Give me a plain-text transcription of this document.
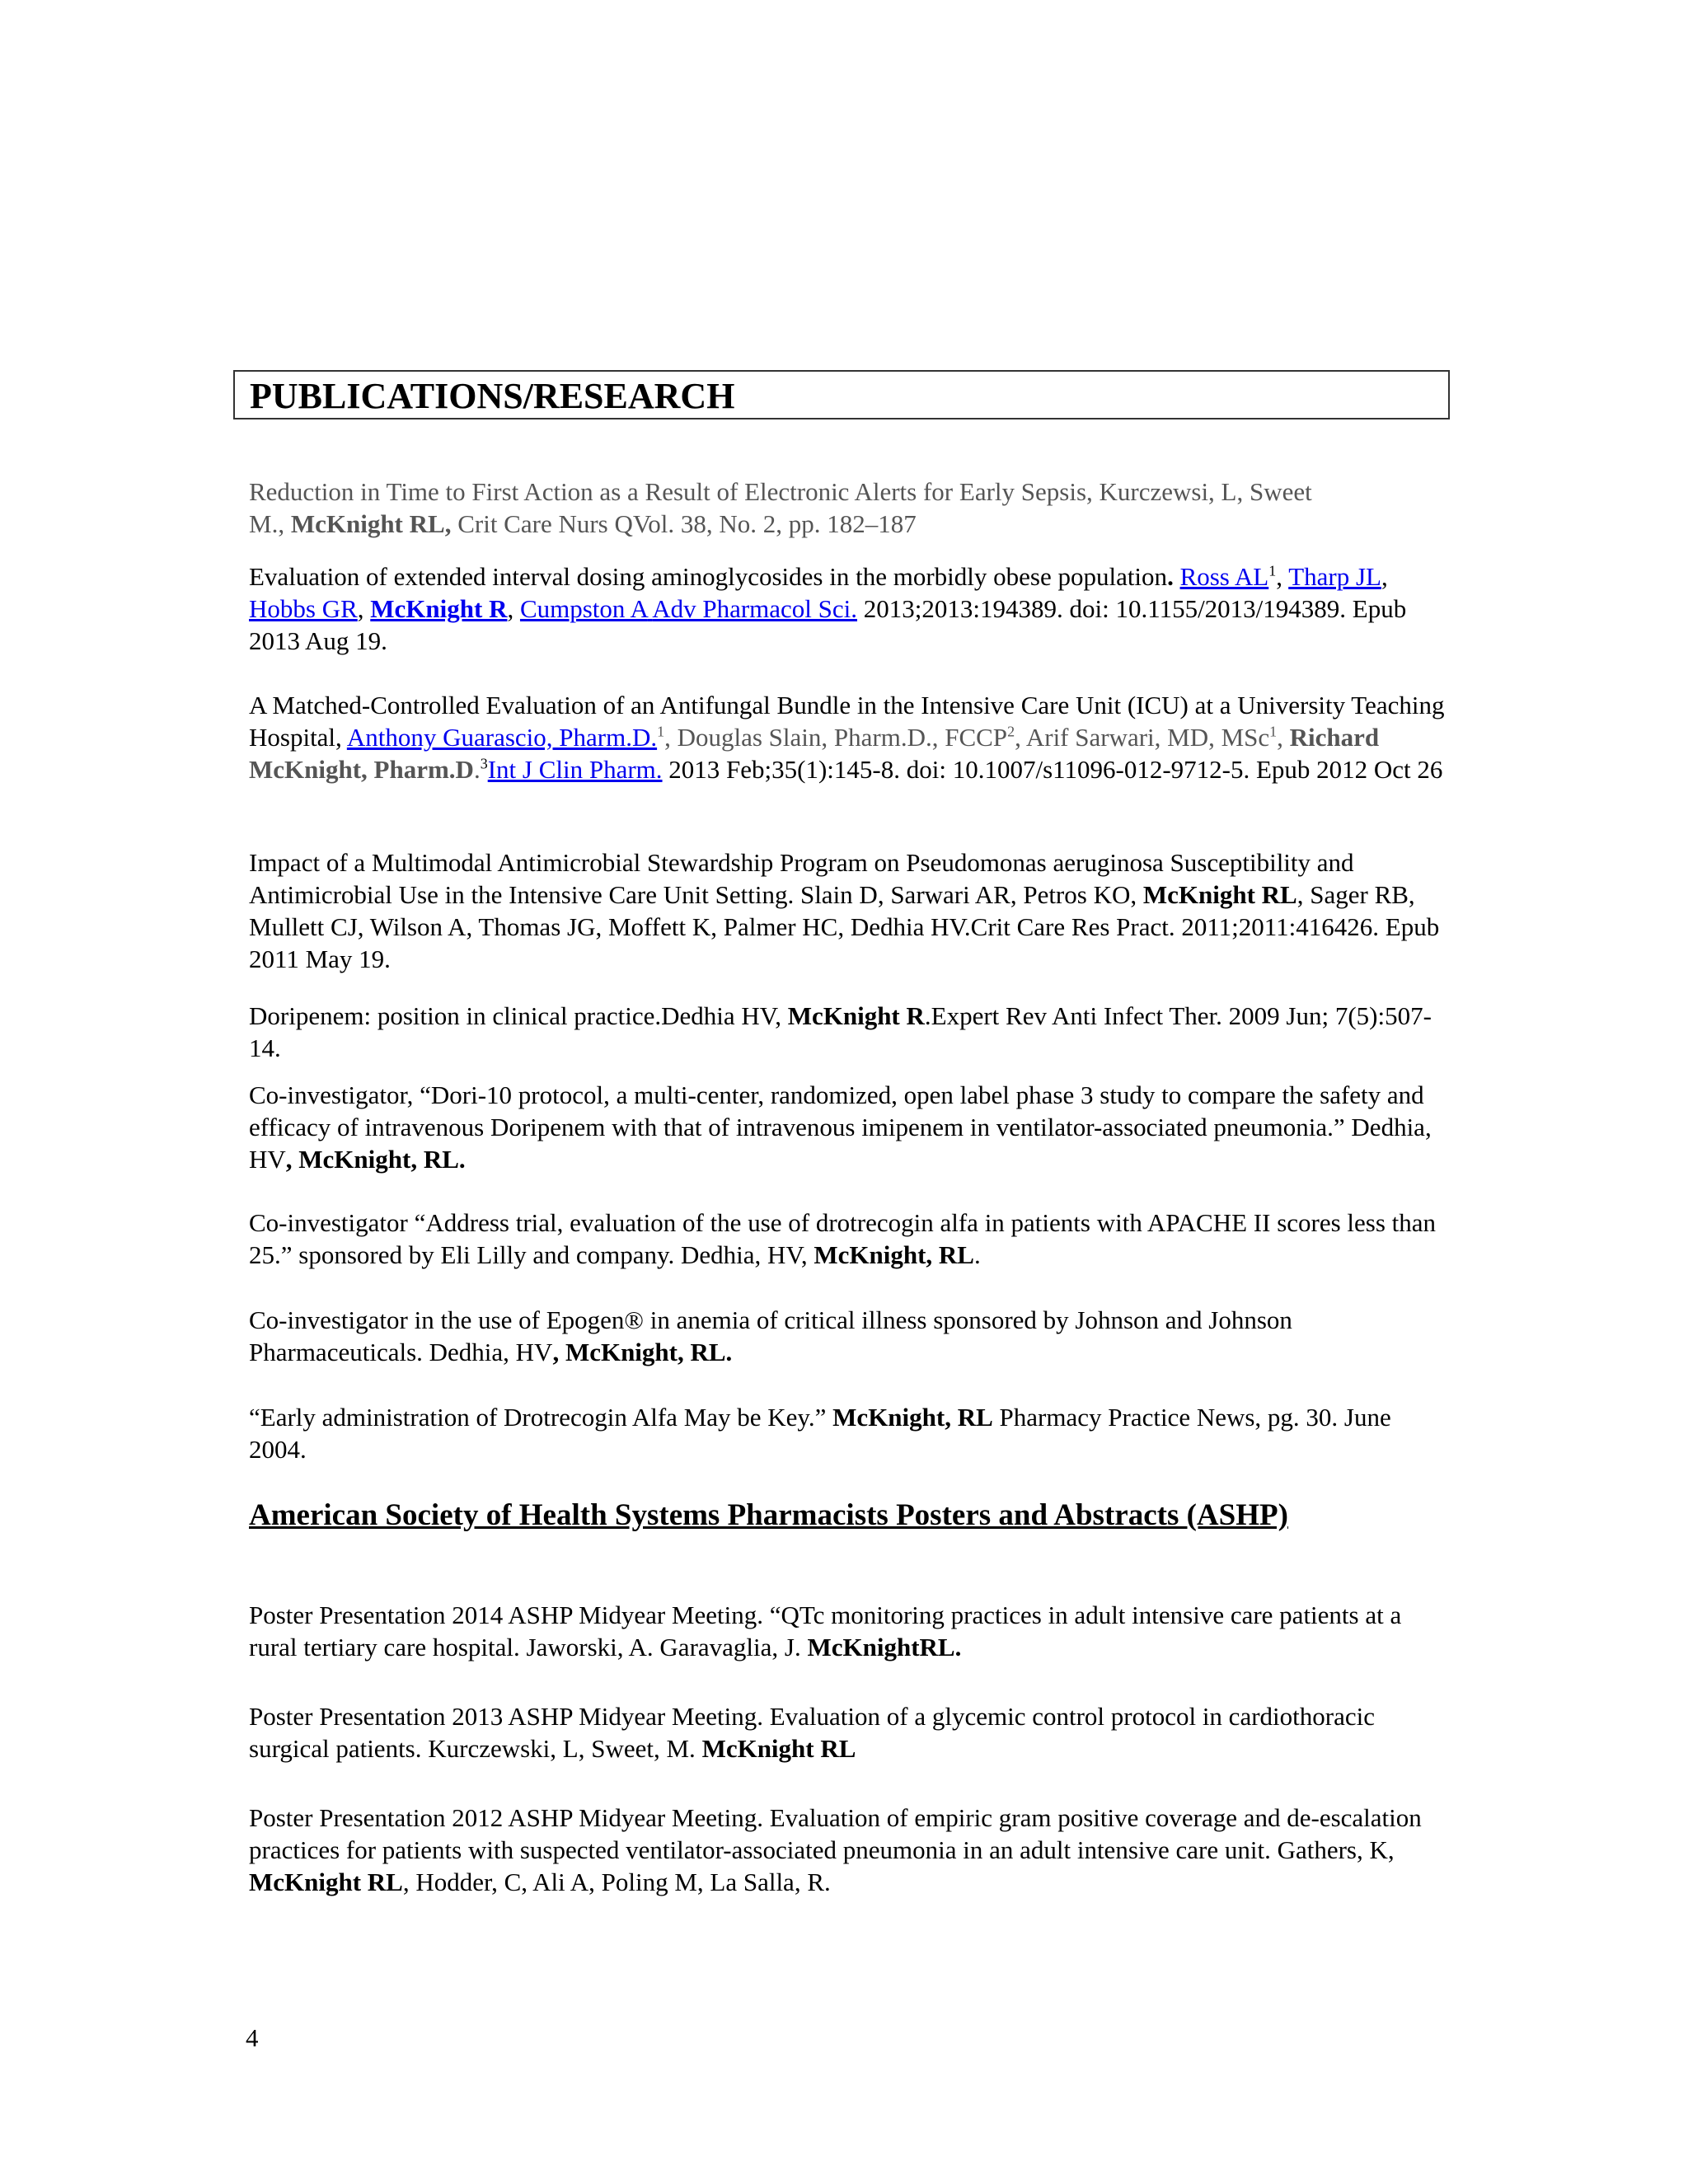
PUBLICATIONS/RESEARCH

Reduction in Time to First Action as a Result of Electronic Alerts for Early Sepsis, Kurczewsi, L, Sweet

M., McKnight RL, Crit Care Nurs QVol. 38, No. 2, pp. 182–187

Evaluation of extended interval dosing aminoglycosides in the morbidly obese population. Ross $AL^1$, Tharp JL, Hobbs GR, McKnight R, Cumpston A Adv Pharmacol Sci. 2013;2013:194389. doi: 10.1155/2013/194389. Epub 2013 Aug 19.

A Matched-Controlled Evaluation of an Antifungal Bundle in the Intensive Care Unit (ICU) at a University Teaching Hospital, Anthony Guarascio, Pharm.D.$^1$, Douglas Slain, Pharm.D., FCCP$^2$, Arif Sarwari, MD, MSc$^1$, Richard McKnight, Pharm.D.$^3$Int J Clin Pharm. 2013 Feb;35(1):145-8. doi: 10.1007/s11096-012-9712-5. Epub 2012 Oct 26

Impact of a Multimodal Antimicrobial Stewardship Program on Pseudomonas aeruginosa Susceptibility and Antimicrobial Use in the Intensive Care Unit Setting. Slain D, Sarwari AR, Petros KO, McKnight RL, Sager RB, Mullett CJ, Wilson A, Thomas JG, Moffett K, Palmer HC, Dedhia HV.Crit Care Res Pract. 2011;2011:416426. Epub 2011 May 19.

Doripenem: position in clinical practice.Dedhia HV, McKnight R.Expert Rev Anti Infect Ther. 2009 Jun; 7(5):507-14.

Co-investigator, “Dori-10 protocol, a multi-center, randomized, open label phase 3 study to compare the safety and efficacy of intravenous Doripenem with that of intravenous imipenem in ventilator-associated pneumonia.” Dedhia, HV, McKnight, RL.

Co-investigator “Address trial, evaluation of the use of drotrecogin alfa in patients with APACHE II scores less than 25.” sponsored by Eli Lilly and company. Dedhia, HV, McKnight, RL.

Co-investigator in the use of Epogen® in anemia of critical illness sponsored by Johnson and Johnson Pharmaceuticals. Dedhia, HV, McKnight, RL.

“Early administration of Drotrecogin Alfa May be Key.” McKnight, RL Pharmacy Practice News, pg. 30. June 2004.

American Society of Health Systems Pharmacists Posters and Abstracts (ASHP)

Poster Presentation 2014 ASHP Midyear Meeting. “QTc monitoring practices in adult intensive care patients at a rural tertiary care hospital. Jaworski, A. Garavaglia, J. McKnightRL.

Poster Presentation 2013 ASHP Midyear Meeting. Evaluation of a glycemic control protocol in cardiothoracic surgical patients. Kurczewski, L, Sweet, M. McKnight RL

Poster Presentation 2012 ASHP Midyear Meeting. Evaluation of empiric gram positive coverage and de-escalation practices for patients with suspected ventilator-associated pneumonia in an adult intensive care unit. Gathers, K, McKnight RL, Hodder, C, Ali A, Poling M, La Salla, R.

4
